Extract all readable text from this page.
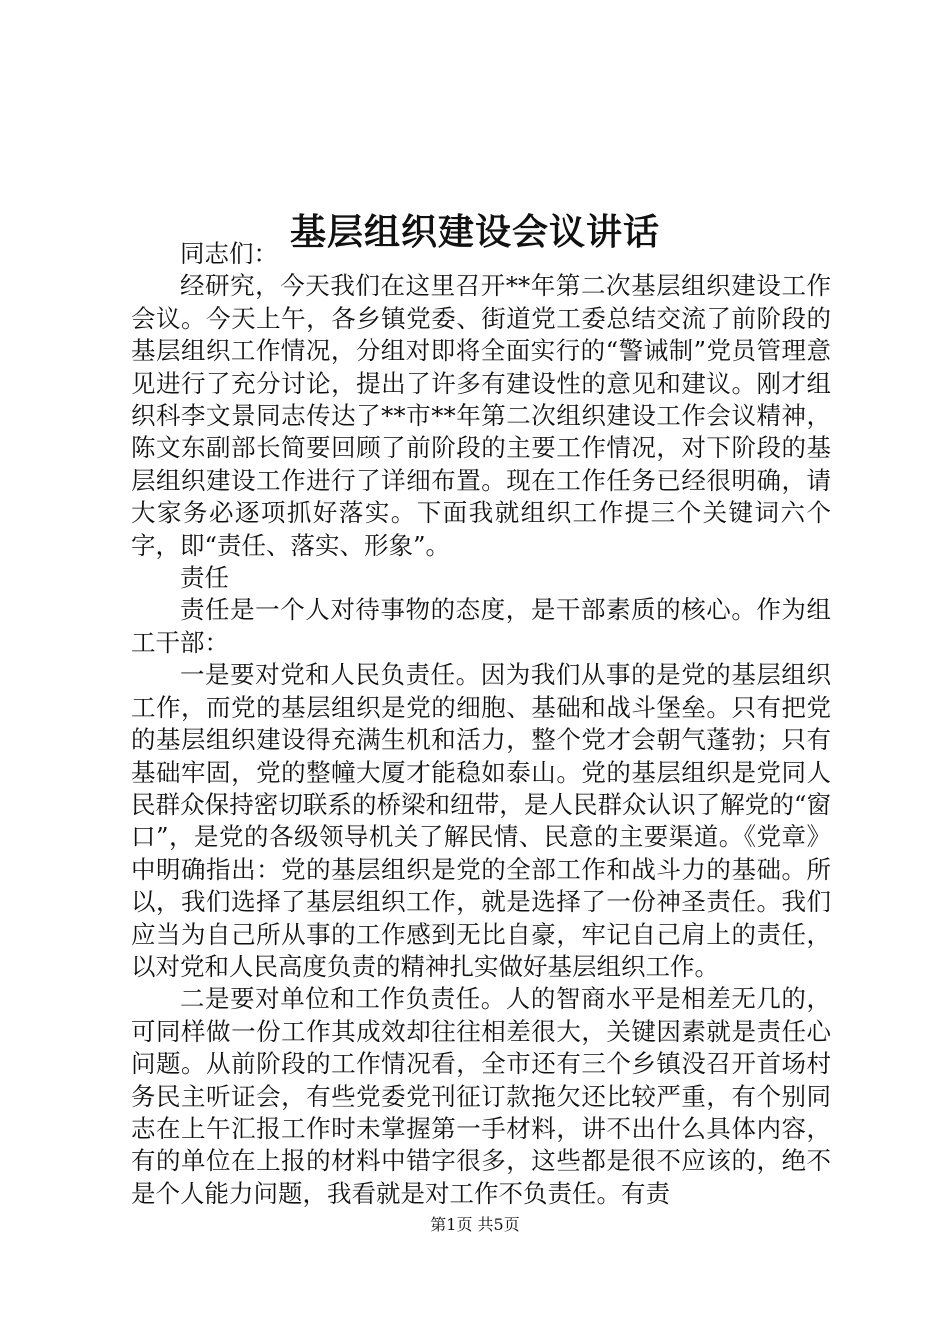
基层组织建设会议讲话

同志们：

经研究，今天我们在这里召开**年第二次基层组织建设工作会议。今天上午，各乡镇党委、街道党工委总结交流了前阶段的基层组织工作情况，分组对即将全面实行的“警诫制”党员管理意见进行了充分讨论，提出了许多有建设性的意见和建议。刚才组织科李文景同志传达了**市**年第二次组织建设工作会议精神，陈文东副部长简要回顾了前阶段的主要工作情况，对下阶段的基层组织建设工作进行了详细布置。现在工作任务已经很明确，请大家务必逐项抓好落实。下面我就组织工作提三个关键词六个字，即“责任、落实、形象”。

责任

责任是一个人对待事物的态度，是干部素质的核心。作为组工干部：

一是要对党和人民负责任。因为我们从事的是党的基层组织工作，而党的基层组织是党的细胞、基础和战斗堡垒。只有把党的基层组织建设得充满生机和活力，整个党才会朝气蓬勃；只有基础牢固，党的整幢大厦才能稳如泰山。党的基层组织是党同人民群众保持密切联系的桥梁和纽带，是人民群众认识了解党的“窗口”，是党的各级领导机关了解民情、民意的主要渠道。《党章》中明确指出：党的基层组织是党的全部工作和战斗力的基础。所以，我们选择了基层组织工作，就是选择了一份神圣责任。我们应当为自己所从事的工作感到无比自豪，牢记自己肩上的责任，以对党和人民高度负责的精神扎实做好基层组织工作。

二是要对单位和工作负责任。人的智商水平是相差无几的，可同样做一份工作其成效却往往相差很大，关键因素就是责任心问题。从前阶段的工作情况看，全市还有三个乡镇没召开首场村务民主听证会，有些党委党刊征订款拖欠还比较严重，有个别同志在上午汇报工作时未掌握第一手材料，讲不出什么具体内容，有的单位在上报的材料中错字很多，这些都是很不应该的，绝不是个人能力问题，我看就是对工作不负责任。有责

第1页 共5页
